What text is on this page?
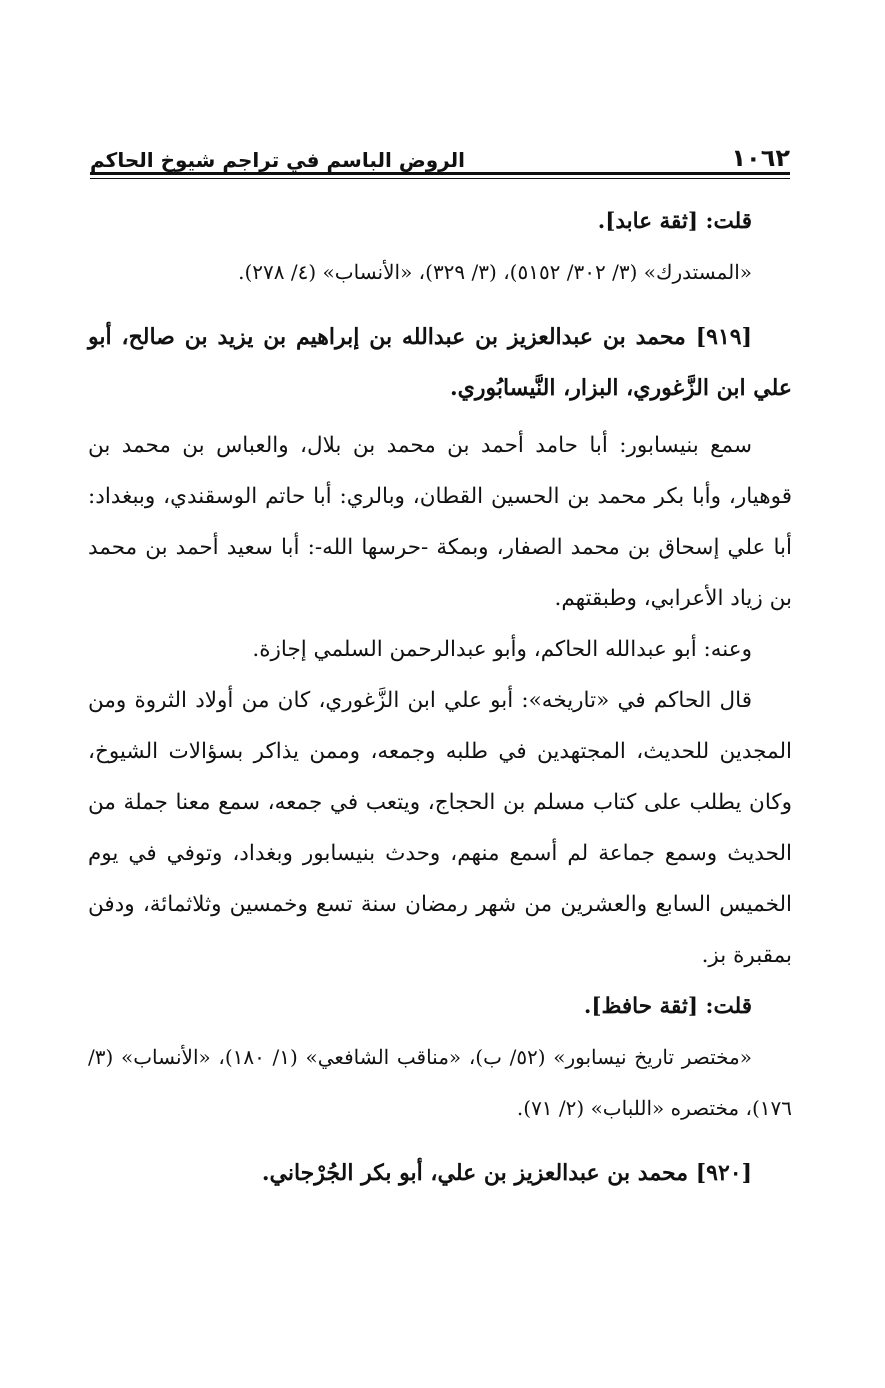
الروض الباسم في تراجم شيوخ الحاكم	١٠٦٢

قلت: [ثقة عابد].

«المستدرك» (٣/ ٣٠٢/ ٥١٥٢)، (٣/ ٣٢٩)، «الأنساب» (٤/ ٢٧٨).

[٩١٩] محمد بن عبدالعزيز بن عبدالله بن إبراهيم بن يزيد بن صالح، أبو علي ابن الزَّغوري، البزار، النَّيسابُوري.

سمع بنيسابور: أبا حامد أحمد بن محمد بن بلال، والعباس بن محمد بن قوهيار، وأبا بكر محمد بن الحسين القطان، وبالري: أبا حاتم الوسقندي، وببغداد: أبا علي إسحاق بن محمد الصفار، وبمكة -حرسها الله-: أبا سعيد أحمد بن محمد بن زياد الأعرابي، وطبقتهم.

وعنه: أبو عبدالله الحاكم، وأبو عبدالرحمن السلمي إجازة.

قال الحاكم في «تاريخه»: أبو علي ابن الزَّغوري، كان من أولاد الثروة ومن المجدين للحديث، المجتهدين في طلبه وجمعه، وممن يذاكر بسؤالات الشيوخ، وكان يطلب على كتاب مسلم بن الحجاج، ويتعب في جمعه، سمع معنا جملة من الحديث وسمع جماعة لم أسمع منهم، وحدث بنيسابور وبغداد، وتوفي في يوم الخميس السابع والعشرين من شهر رمضان سنة تسع وخمسين وثلاثمائة، ودفن بمقبرة بز.

قلت: [ثقة حافظ].

«مختصر تاريخ نيسابور» (٥٢/ ب)، «مناقب الشافعي» (١/ ١٨٠)، «الأنساب» (٣/ ١٧٦)، مختصره «اللباب» (٢/ ٧١).

[٩٢٠] محمد بن عبدالعزيز بن علي، أبو بكر الجُرْجاني.
